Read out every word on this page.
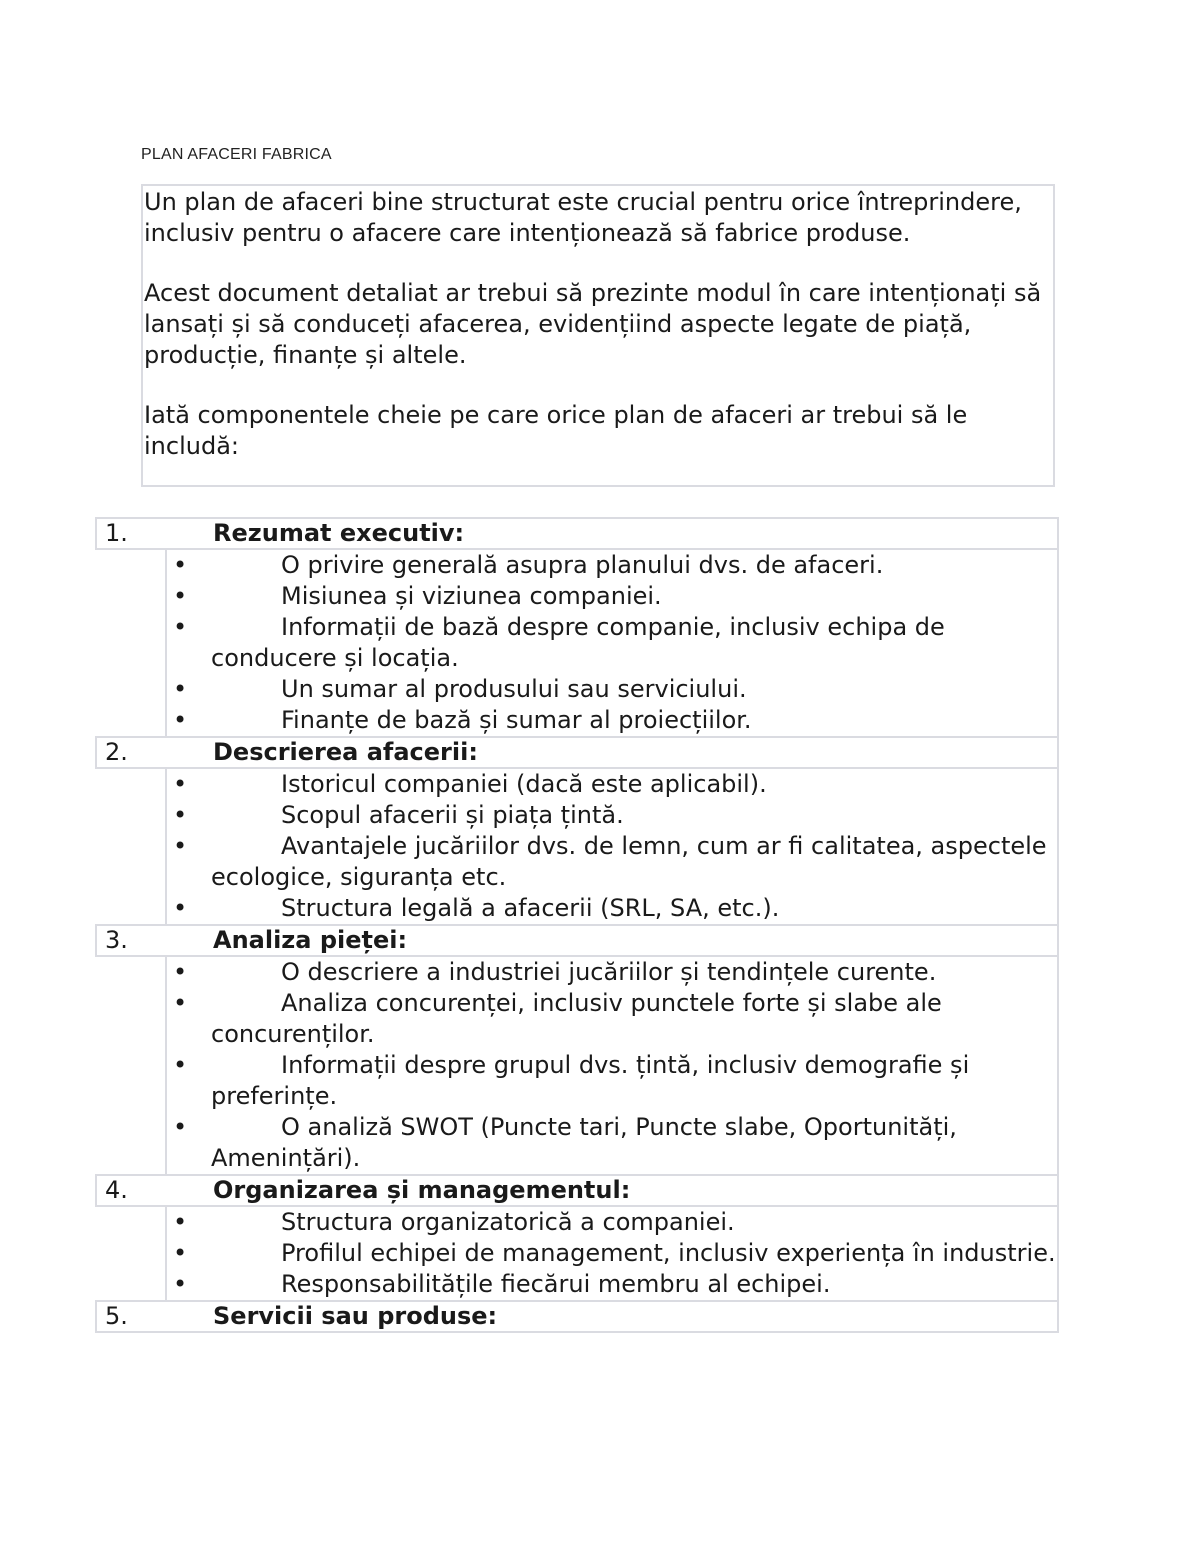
PLAN AFACERI FABRICA

Un plan de afaceri bine structurat este crucial pentru orice întreprindere, inclusiv pentru o afacere care intenționează să fabrice produse.

Acest document detaliat ar trebui să prezinte modul în care intenționați să lansați și să conduceți afacerea, evidențiind aspecte legate de piață, producție, finanțe și altele.

Iată componentele cheie pe care orice plan de afaceri ar trebui să le includă:

1.	Rezumat executiv:
•	O privire generală asupra planului dvs. de afaceri.
•	Misiunea și viziunea companiei.
•	Informații de bază despre companie, inclusiv echipa de conducere și locația.
•	Un sumar al produsului sau serviciului.
•	Finanțe de bază și sumar al proiecțiilor.
2.	Descrierea afacerii:
•	Istoricul companiei (dacă este aplicabil).
•	Scopul afacerii și piața țintă.
•	Avantajele jucăriilor dvs. de lemn, cum ar fi calitatea, aspectele ecologice, siguranța etc.
•	Structura legală a afacerii (SRL, SA, etc.).
3.	Analiza pieței:
•	O descriere a industriei jucăriilor și tendințele curente.
•	Analiza concurenței, inclusiv punctele forte și slabe ale concurenților.
•	Informații despre grupul dvs. țintă, inclusiv demografie și preferințe.
•	O analiză SWOT (Puncte tari, Puncte slabe, Oportunități, Amenințări).
4.	Organizarea și managementul:
•	Structura organizatorică a companiei.
•	Profilul echipei de management, inclusiv experiența în industrie.
•	Responsabilitățile fiecărui membru al echipei.
5.	Servicii sau produse:
